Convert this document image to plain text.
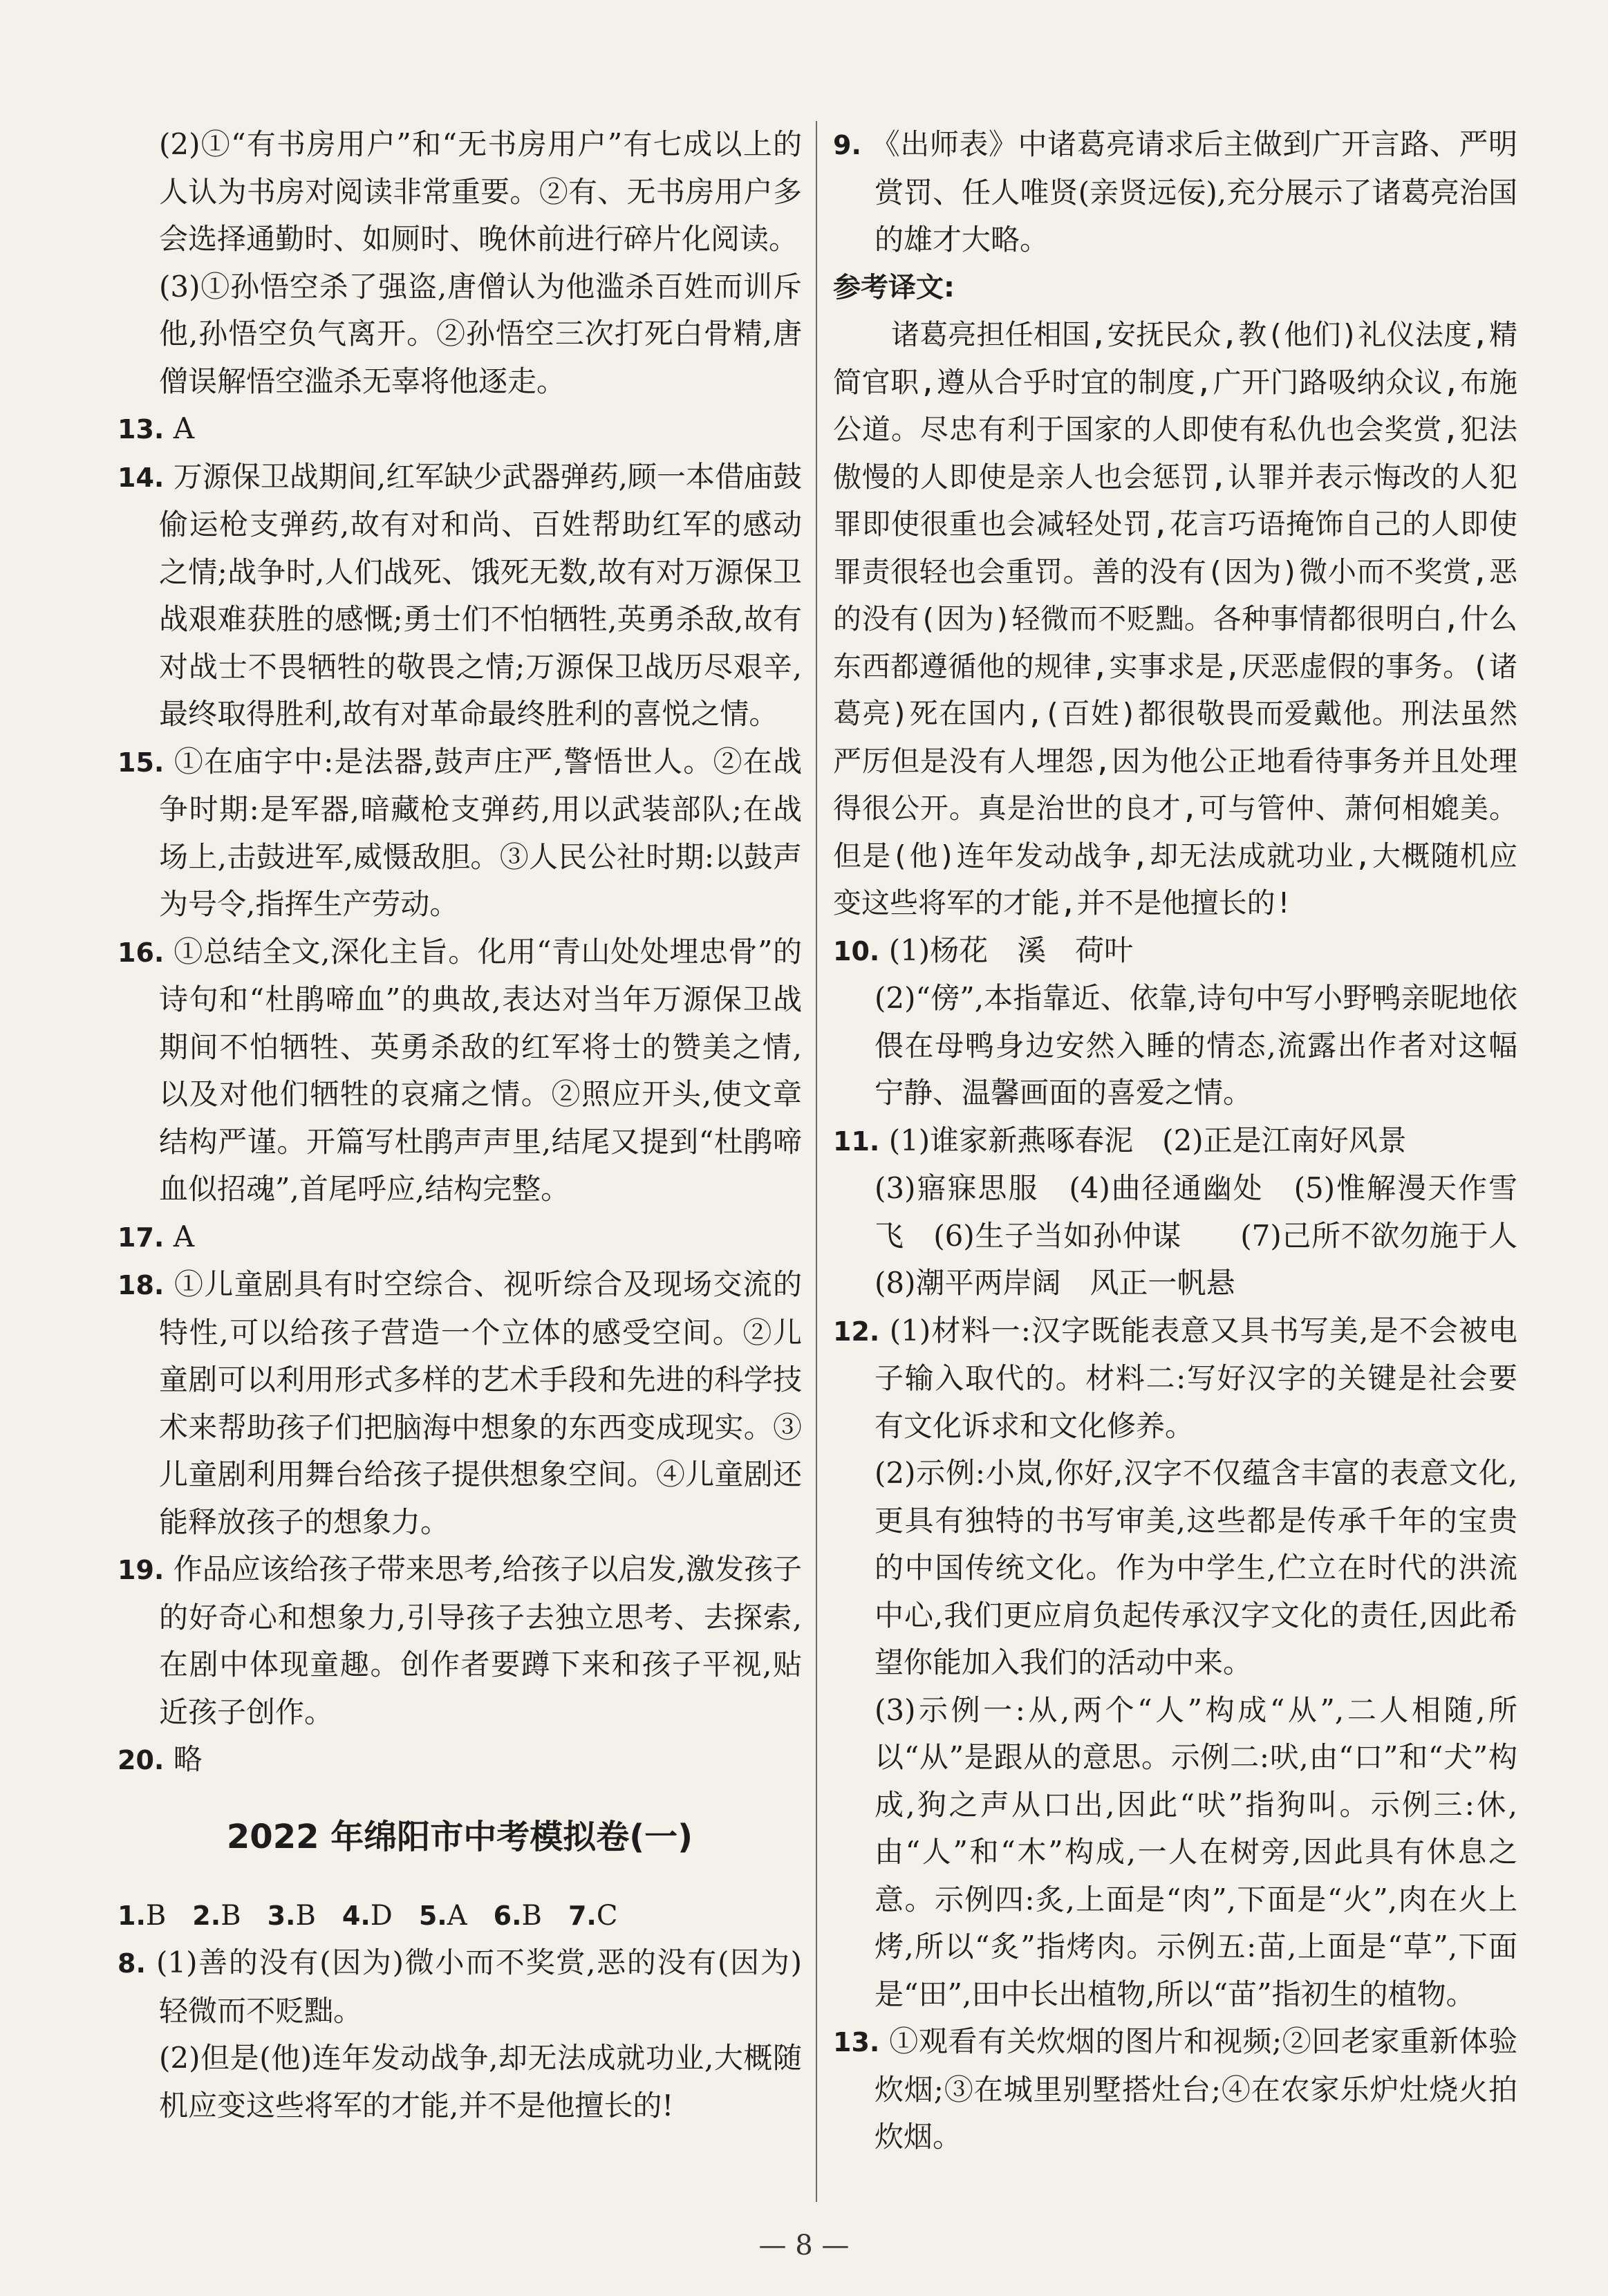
(2)①“有书房用户”和“无书房用户”有七成以上的人认为书房对阅读非常重要。②有、无书房用户多会选择通勤时、如厕时、晚休前进行碎片化阅读。

(3)①孙悟空杀了强盗,唐僧认为他滥杀百姓而训斥他,孙悟空负气离开。②孙悟空三次打死白骨精,唐僧误解悟空滥杀无辜将他逐走。

13. A

14. 万源保卫战期间,红军缺少武器弹药,顾一本借庙鼓偷运枪支弹药,故有对和尚、百姓帮助红军的感动之情;战争时,人们战死、饿死无数,故有对万源保卫战艰难获胜的感慨;勇士们不怕牺牲,英勇杀敌,故有对战士不畏牺牲的敬畏之情;万源保卫战历尽艰辛,最终取得胜利,故有对革命最终胜利的喜悦之情。

15. ①在庙宇中:是法器,鼓声庄严,警悟世人。②在战争时期:是军器,暗藏枪支弹药,用以武装部队;在战场上,击鼓进军,威慑敌胆。③人民公社时期:以鼓声为号令,指挥生产劳动。

16. ①总结全文,深化主旨。化用“青山处处埋忠骨”的诗句和“杜鹃啼血”的典故,表达对当年万源保卫战期间不怕牺牲、英勇杀敌的红军将士的赞美之情,以及对他们牺牲的哀痛之情。②照应开头,使文章结构严谨。开篇写杜鹃声声里,结尾又提到“杜鹃啼血似招魂”,首尾呼应,结构完整。

17. A

18. ①儿童剧具有时空综合、视听综合及现场交流的特性,可以给孩子营造一个立体的感受空间。②儿童剧可以利用形式多样的艺术手段和先进的科学技术来帮助孩子们把脑海中想象的东西变成现实。③儿童剧利用舞台给孩子提供想象空间。④儿童剧还能释放孩子的想象力。

19. 作品应该给孩子带来思考,给孩子以启发,激发孩子的好奇心和想象力,引导孩子去独立思考、去探索,在剧中体现童趣。创作者要蹲下来和孩子平视,贴近孩子创作。

20. 略

2022 年绵阳市中考模拟卷(一)
1.B 2.B 3.B 4.D 5.A 6.B 7.C

8. (1)善的没有(因为)微小而不奖赏,恶的没有(因为)轻微而不贬黜。

(2)但是(他)连年发动战争,却无法成就功业,大概随机应变这些将军的才能,并不是他擅长的!

9. 《出师表》中诸葛亮请求后主做到广开言路、严明赏罚、任人唯贤(亲贤远佞),充分展示了诸葛亮治国的雄才大略。

参考译文:

诸葛亮担任相国,安抚民众,教(他们)礼仪法度,精简官职,遵从合乎时宜的制度,广开门路吸纳众议,布施公道。尽忠有利于国家的人即使有私仇也会奖赏,犯法傲慢的人即使是亲人也会惩罚,认罪并表示悔改的人犯罪即使很重也会减轻处罚,花言巧语掩饰自己的人即使罪责很轻也会重罚。善的没有(因为)微小而不奖赏,恶的没有(因为)轻微而不贬黜。各种事情都很明白,什么东西都遵循他的规律,实事求是,厌恶虚假的事务。(诸葛亮)死在国内,(百姓)都很敬畏而爱戴他。刑法虽然严厉但是没有人埋怨,因为他公正地看待事务并且处理得很公开。真是治世的良才,可与管仲、萧何相媲美。但是(他)连年发动战争,却无法成就功业,大概随机应变这些将军的才能,并不是他擅长的!

10. (1)杨花　溪　荷叶

(2)“傍”,本指靠近、依靠,诗句中写小野鸭亲昵地依偎在母鸭身边安然入睡的情态,流露出作者对这幅宁静、温馨画面的喜爱之情。

11. (1)谁家新燕啄春泥　(2)正是江南好风景

(3)寤寐思服　(4)曲径通幽处　(5)惟解漫天作雪飞　(6)生子当如孙仲谋　　(7)己所不欲勿施于人　(8)潮平两岸阔　风正一帆悬

12. (1)材料一:汉字既能表意又具书写美,是不会被电子输入取代的。材料二:写好汉字的关键是社会要有文化诉求和文化修养。

(2)示例:小岚,你好,汉字不仅蕴含丰富的表意文化,更具有独特的书写审美,这些都是传承千年的宝贵的中国传统文化。作为中学生,伫立在时代的洪流中心,我们更应肩负起传承汉字文化的责任,因此希望你能加入我们的活动中来。

(3)示例一:从,两个“人”构成“从”,二人相随,所以“从”是跟从的意思。示例二:吠,由“口”和“犬”构成,狗之声从口出,因此“吠”指狗叫。示例三:休,由“人”和“木”构成,一人在树旁,因此具有休息之意。示例四:炙,上面是“肉”,下面是“火”,肉在火上烤,所以“炙”指烤肉。示例五:苗,上面是“草”,下面是“田”,田中长出植物,所以“苗”指初生的植物。

13. ①观看有关炊烟的图片和视频;②回老家重新体验炊烟;③在城里别墅搭灶台;④在农家乐炉灶烧火拍炊烟。

— 8 —
